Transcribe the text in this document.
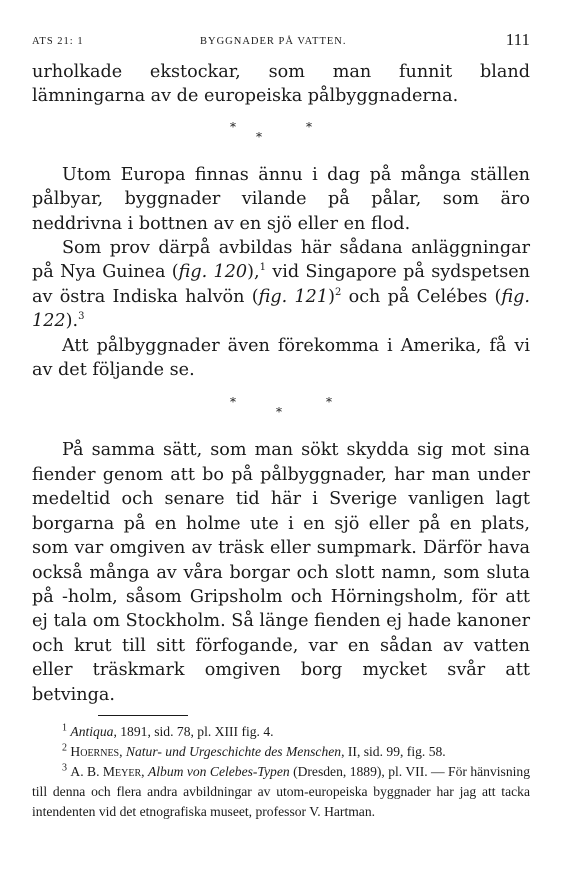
ATS 21: 1	BYGGNADER PÅ VATTEN.	111

urholkade ekstockar, som man funnit bland lämningarna av de europeiska pålbyggnaderna.

*
*
*

Utom Europa finnas ännu i dag på många ställen pålbyar, byggnader vilande på pålar, som äro neddrivna i bottnen av en sjö eller en flod.

Som prov därpå avbildas här sådana anläggningar på Nya Guinea (fig. 120),$^1$ vid Singapore på sydspetsen av östra Indiska halvön (fig. 121)$^2$ och på Celébes (fig. 122).$^3$

Att pålbyggnader även förekomma i Amerika, få vi av det följande se.

*
*
*

På samma sätt, som man sökt skydda sig mot sina fiender genom att bo på pålbyggnader, har man under medeltid och senare tid här i Sverige vanligen lagt borgarna på en holme ute i en sjö eller på en plats, som var omgiven av träsk eller sumpmark. Därför hava också många av våra borgar och slott namn, som sluta på -holm, såsom Gripsholm och Hörningsholm, för att ej tala om Stockholm. Så länge fienden ej hade kanoner och krut till sitt förfogande, var en sådan av vatten eller träskmark omgiven borg mycket svår att betvinga.

$^1$ Antiqua, 1891, sid. 78, pl. XIII fig. 4.

$^2$ Hoernes, Natur- und Urgeschichte des Menschen, II, sid. 99, fig. 58.

$^3$ A. B. Meyer, Album von Celebes-Typen (Dresden, 1889), pl. VII. — För hänvisning till denna och flera andra avbildningar av utom-europeiska byggnader har jag att tacka intendenten vid det etnografiska museet, professor V. Hartman.
